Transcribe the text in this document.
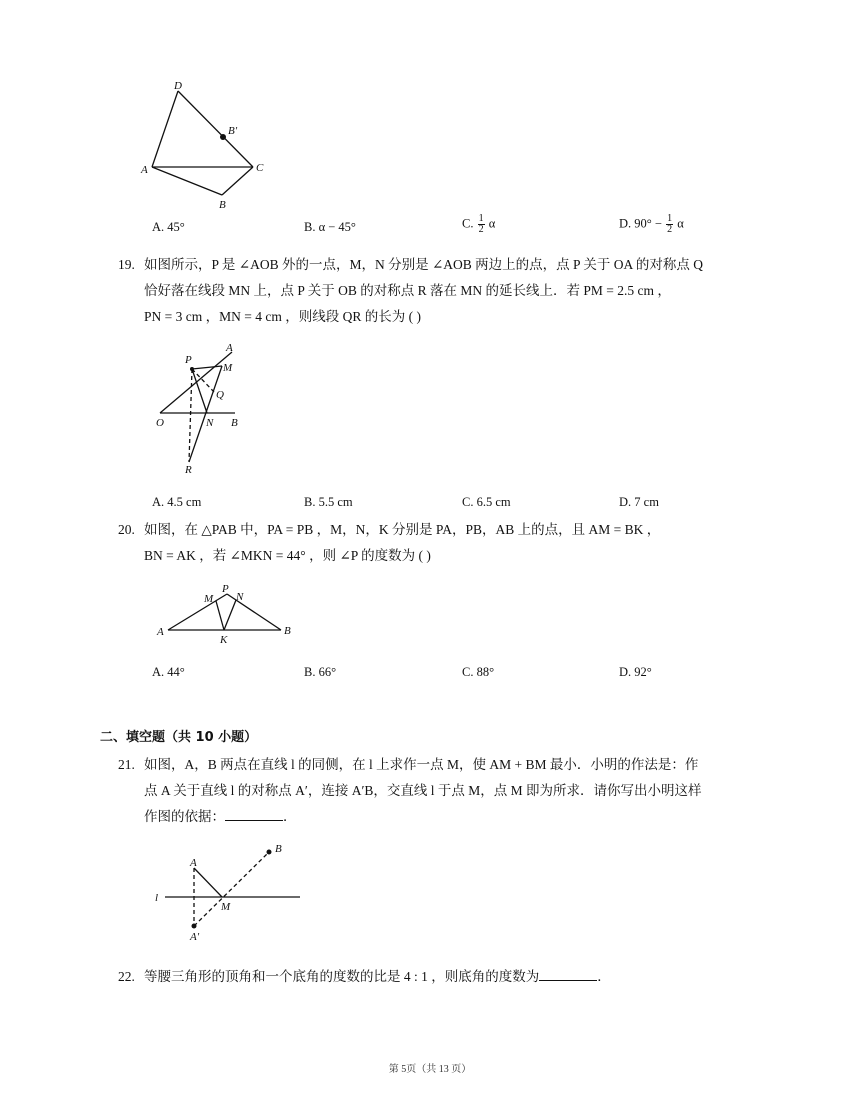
D
B′
A	C
B
A. 45°	B. α − 45°	C. $\frac{1}{2}$ α	D. $90^\circ - \frac{1}{2}$ α
19. 如图所示，P 是 ∠AOB 外的一点，M，N 分别是 ∠AOB 两边上的点，点 P 关于 OA 的对称点 Q
恰好落在线段 MN 上，点 P 关于 OB 的对称点 R 落在 MN 的延长线上．若 PM = 2.5 cm ，
PN = 3 cm ，MN = 4 cm ，则线段 QR 的长为 ( )
P
A
M
Q
O	N B
R
A. 4.5 cm	B. 5.5 cm	C. 6.5 cm	D. 7 cm
20. 如图，在 △PAB 中，PA = PB ，M，N，K 分别是 PA，PB，AB 上的点，且 AM = BK ，
BN = AK ，若 ∠MKN = 44° ，则 ∠P 的度数为 ( )
P
M N
A
K
B
A. 44°	B. 66°	C. 88°	D. 92°
二、填空题（共 10 小题）
21. 如图，A，B 两点在直线 l 的同侧，在 l 上求作一点 M，使 AM + BM 最小．小明的作法是：作
点 A 关于直线 l 的对称点 A′，连接 A′B，交直线 l 于点 M，点 M 即为所求．请你写出小明这样
作图的依据：	．
A
B
l
M
A′
22. 等腰三角形的顶角和一个底角的度数的比是 4 : 1 ，则底角的度数为	．
第 5页（共 13 页）
